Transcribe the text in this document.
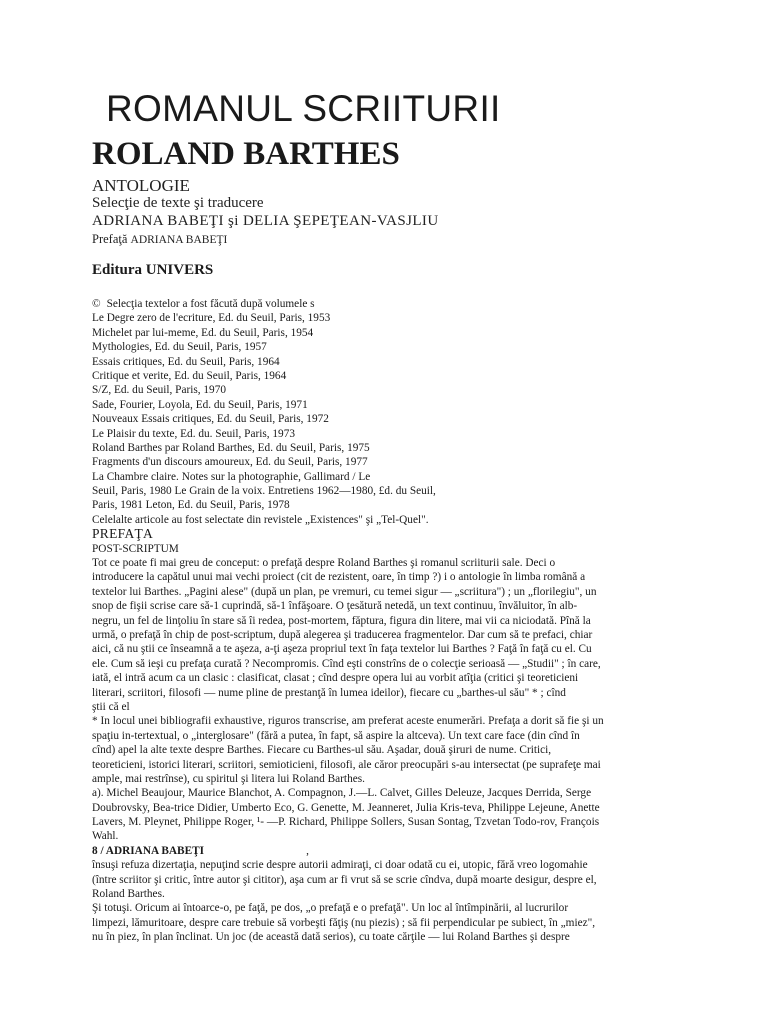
ROMANUL SCRIITURII
ROLAND BARTHES
ANTOLOGIE
Selecţie de texte şi traducere
ADRIANA BABEŢI şi DELIA ŞEPEŢEAN-VASJLIU
Prefaţă ADRIANA BABEŢI
Editura UNIVERS
© Selecţia textelor a fost făcută după volumele s
Le Degre zero de l'ecriture, Ed. du Seuil, Paris, 1953
Michelet par lui-meme, Ed. du Seuil, Paris, 1954
Mythologies, Ed. du Seuil, Paris, 1957
Essais critiques, Ed. du Seuil, Paris, 1964
Critique et verite, Ed. du Seuil, Paris, 1964
S/Z, Ed. du Seuil, Paris, 1970
Sade, Fourier, Loyola, Ed. du Seuil, Paris, 1971
Nouveaux Essais critiques, Ed. du Seuil, Paris, 1972
Le Plaisir du texte, Ed. du. Seuil, Paris, 1973
Roland Barthes par Roland Barthes, Ed. du Seuil, Paris, 1975
Fragments d'un discours amoureux, Ed. du Seuil, Paris, 1977
La Chambre claire. Notes sur la photographie, Gallimard / Le
Seuil, Paris, 1980 Le Grain de la voix. Entretiens 1962—1980, £d. du Seuil,
Paris, 1981 Leton, Ed. du Seuil, Paris, 1978
Celelalte articole au fost selectate din revistele „Existences" şi „Tel-Quel".
PREFAŢA
POST-SCRIPTUM
Tot ce poate fi mai greu de conceput: o prefaţă despre Roland Barthes şi romanul scriiturii sale. Deci o
introducere la capătul unui mai vechi proiect (cit de rezistent, oare, în timp ?) i o antologie în limba română a
textelor lui Barthes. „Pagini alese" (după un plan, pe vremuri, cu temei sigur — „scriitura") ; un „florilegiu", un
snop de fişii scrise care să-1 cuprindă, să-1 înfăşoare. O ţesătură netedă, un text continuu, învăluitor, în alb-
negru, un fel de linţoliu în stare să îi redea, post-mortem, făptura, figura din litere, mai vii ca niciodată. Pînă la
urmă, o prefaţă în chip de post-scriptum, după alegerea şi traducerea fragmentelor. Dar cum să te prefaci, chiar
aici, că nu ştii ce înseamnă a te aşeza, a-ţi aşeza propriul text în faţa textelor lui Barthes ? Faţă în faţă cu el. Cu
ele. Cum să ieşi cu prefaţa curată ? Necompromis. Cînd eşti constrîns de o colecţie serioasă — „Studii" ; în care,
iată, el intră acum ca un clasic : clasificat, clasat ; cînd despre opera lui au vorbit atîţia (critici şi teoreticieni
literari, scriitori, filosofi — nume pline de prestanţă în lumea ideilor), fiecare cu „barthes-ul său" * ; cînd
ştii că el
* In locul unei bibliografii exhaustive, riguros transcrise, am preferat aceste enumerări. Prefaţa a dorit să fie şi un
spaţiu in-tertextual, o „interglosare" (fără a putea, în fapt, să aspire la altceva). Un text care face (din cînd în
cînd) apel la alte texte despre Barthes. Fiecare cu Barthes-ul său. Aşadar, două şiruri de nume. Critici,
teoreticieni, istorici literari, scriitori, semioticieni, filosofi, ale căror preocupări s-au intersectat (pe suprafeţe mai
ample, mai restrînse), cu spiritul şi litera lui Roland Barthes.
a). Michel Beaujour, Maurice Blanchot, A. Compagnon, J.—L. Calvet, Gilles Deleuze, Jacques Derrida, Serge
Doubrovsky, Bea-trice Didier, Umberto Eco, G. Genette, M. Jeanneret, Julia Kris-teva, Philippe Lejeune, Anette
Lavers, M. Pleynet, Philippe Roger, ¹- —P. Richard, Philippe Sollers, Susan Sontag, Tzvetan Todo-rov, François
Wahl.
8 / ADRIANA BABEŢI	,
însuşi refuza dizertaţia, nepuţind scrie despre autorii admiraţi, ci doar odată cu ei, utopic, fără vreo logomahie
(între scriitor şi critic, între autor şi cititor), aşa cum ar fi vrut să se scrie cîndva, după moarte desigur, despre el,
Roland Barthes.
Şi totuşi. Oricum ai întoarce-o, pe faţă, pe dos, „o prefaţă e o prefaţă". Un loc al întîmpinării, al lucrurilor
limpezi, lămuritoare, despre care trebuie să vorbeşti făţiş (nu piezis) ; să fii perpendicular pe subiect, în „miez",
nu în piez, în plan înclinat. Un joc (de această dată serios), cu toate cărţile — lui Roland Barthes şi despre
